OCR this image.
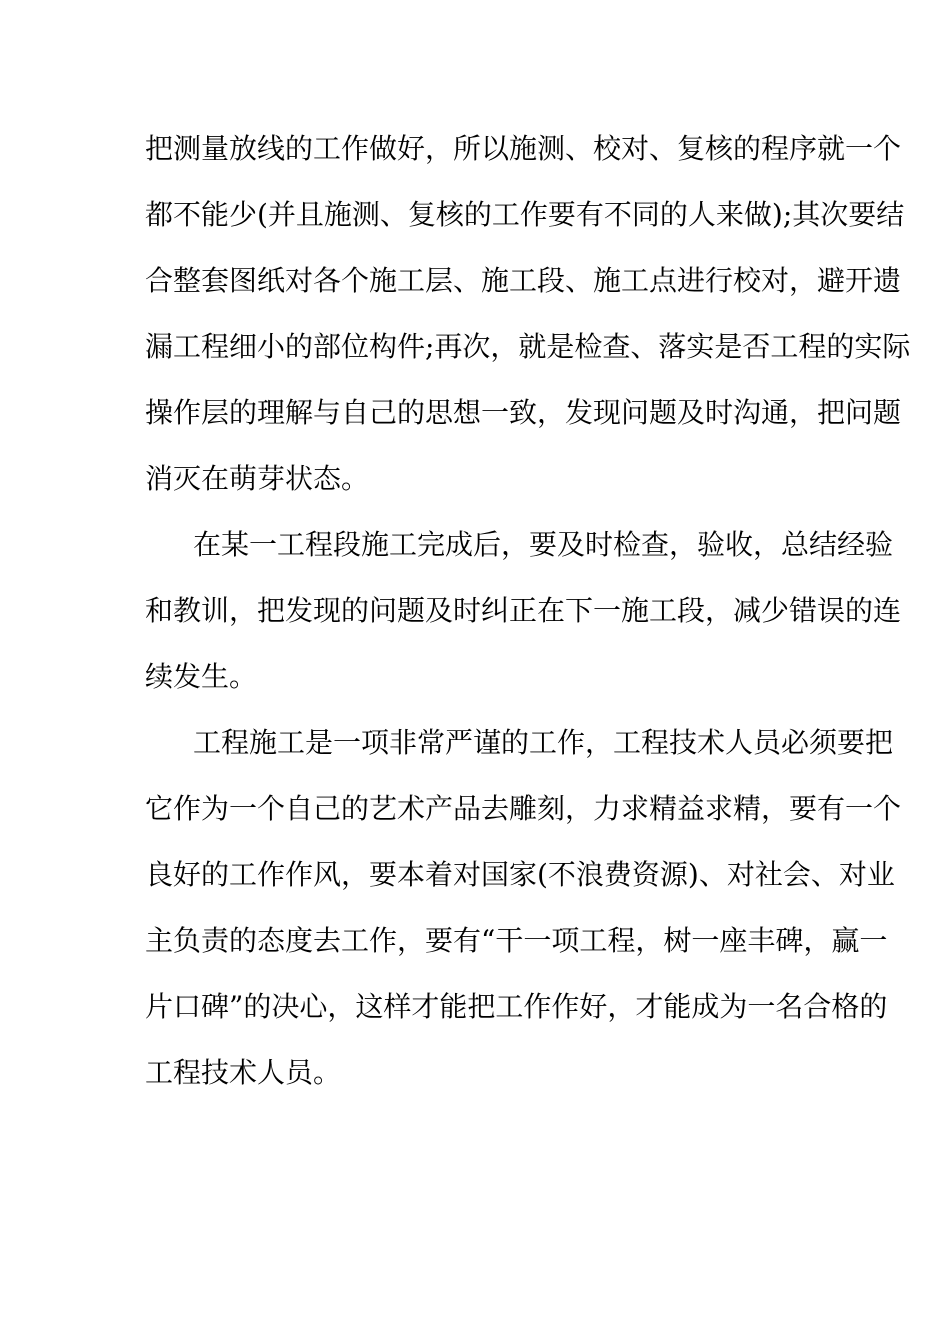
把测量放线的工作做好，所以施测、校对、复核的程序就一个
都不能少(并且施测、复核的工作要有不同的人来做);其次要结
合整套图纸对各个施工层、施工段、施工点进行校对，避开遗
漏工程细小的部位构件;再次，就是检查、落实是否工程的实际
操作层的理解与自己的思想一致，发现问题及时沟通，把问题
消灭在萌芽状态。
在某一工程段施工完成后，要及时检查，验收，总结经验
和教训，把发现的问题及时纠正在下一施工段，减少错误的连
续发生。
工程施工是一项非常严谨的工作，工程技术人员必须要把
它作为一个自己的艺术产品去雕刻，力求精益求精，要有一个
良好的工作作风，要本着对国家(不浪费资源)、对社会、对业
主负责的态度去工作，要有“干一项工程，树一座丰碑，赢一
片口碑”的决心，这样才能把工作作好，才能成为一名合格的
工程技术人员。
